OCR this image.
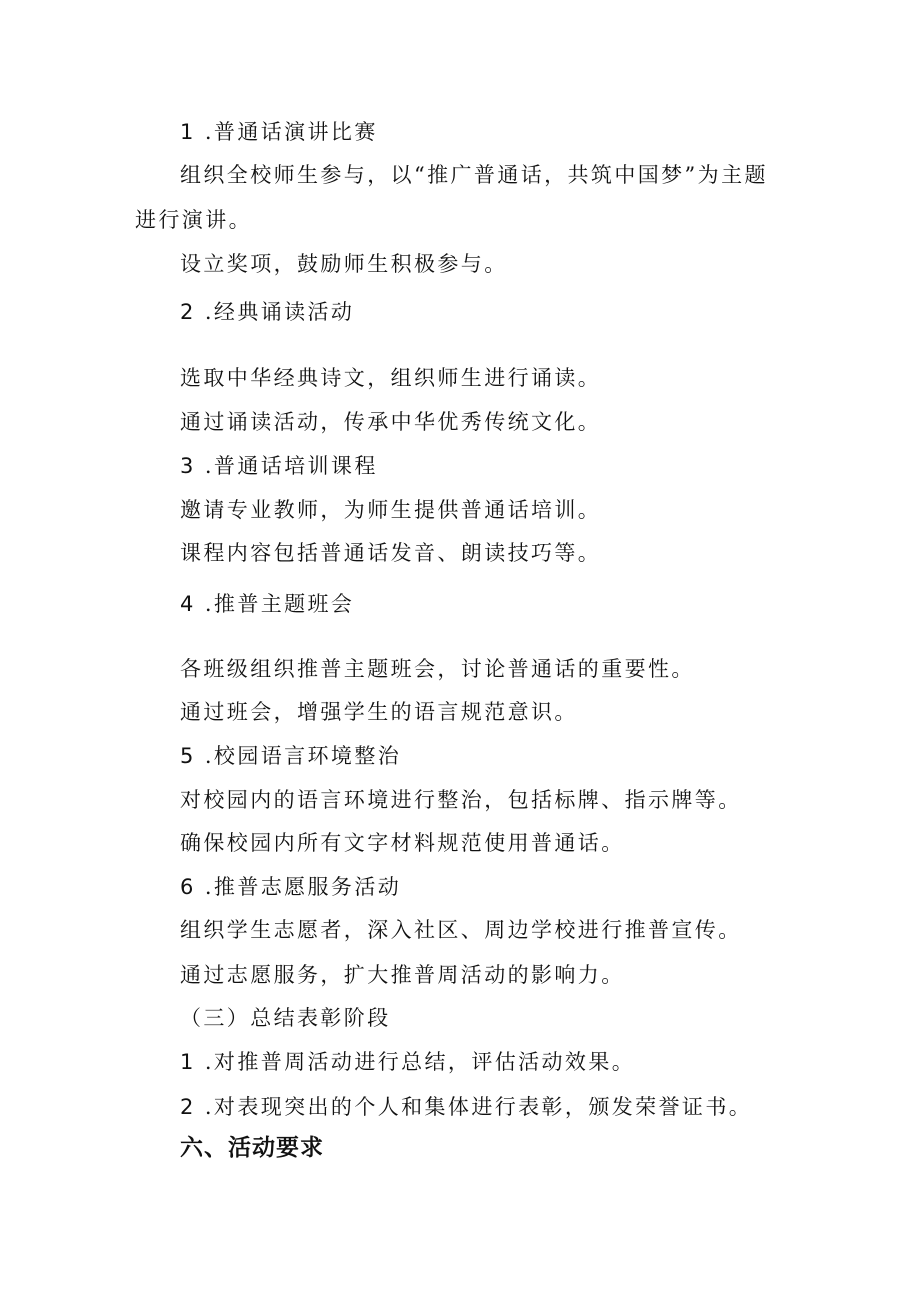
1 .普通话演讲比赛
组织全校师生参与，以“推广普通话，共筑中国梦”为主题
进行演讲。
设立奖项，鼓励师生积极参与。
2 .经典诵读活动
选取中华经典诗文，组织师生进行诵读。
通过诵读活动，传承中华优秀传统文化。
3 .普通话培训课程
邀请专业教师，为师生提供普通话培训。
课程内容包括普通话发音、朗读技巧等。
4 .推普主题班会
各班级组织推普主题班会，讨论普通话的重要性。
通过班会，增强学生的语言规范意识。
5 .校园语言环境整治
对校园内的语言环境进行整治，包括标牌、指示牌等。
确保校园内所有文字材料规范使用普通话。
6 .推普志愿服务活动
组织学生志愿者，深入社区、周边学校进行推普宣传。
通过志愿服务，扩大推普周活动的影响力。
（三）总结表彰阶段
1 .对推普周活动进行总结，评估活动效果。
2 .对表现突出的个人和集体进行表彰，颁发荣誉证书。
六、活动要求
